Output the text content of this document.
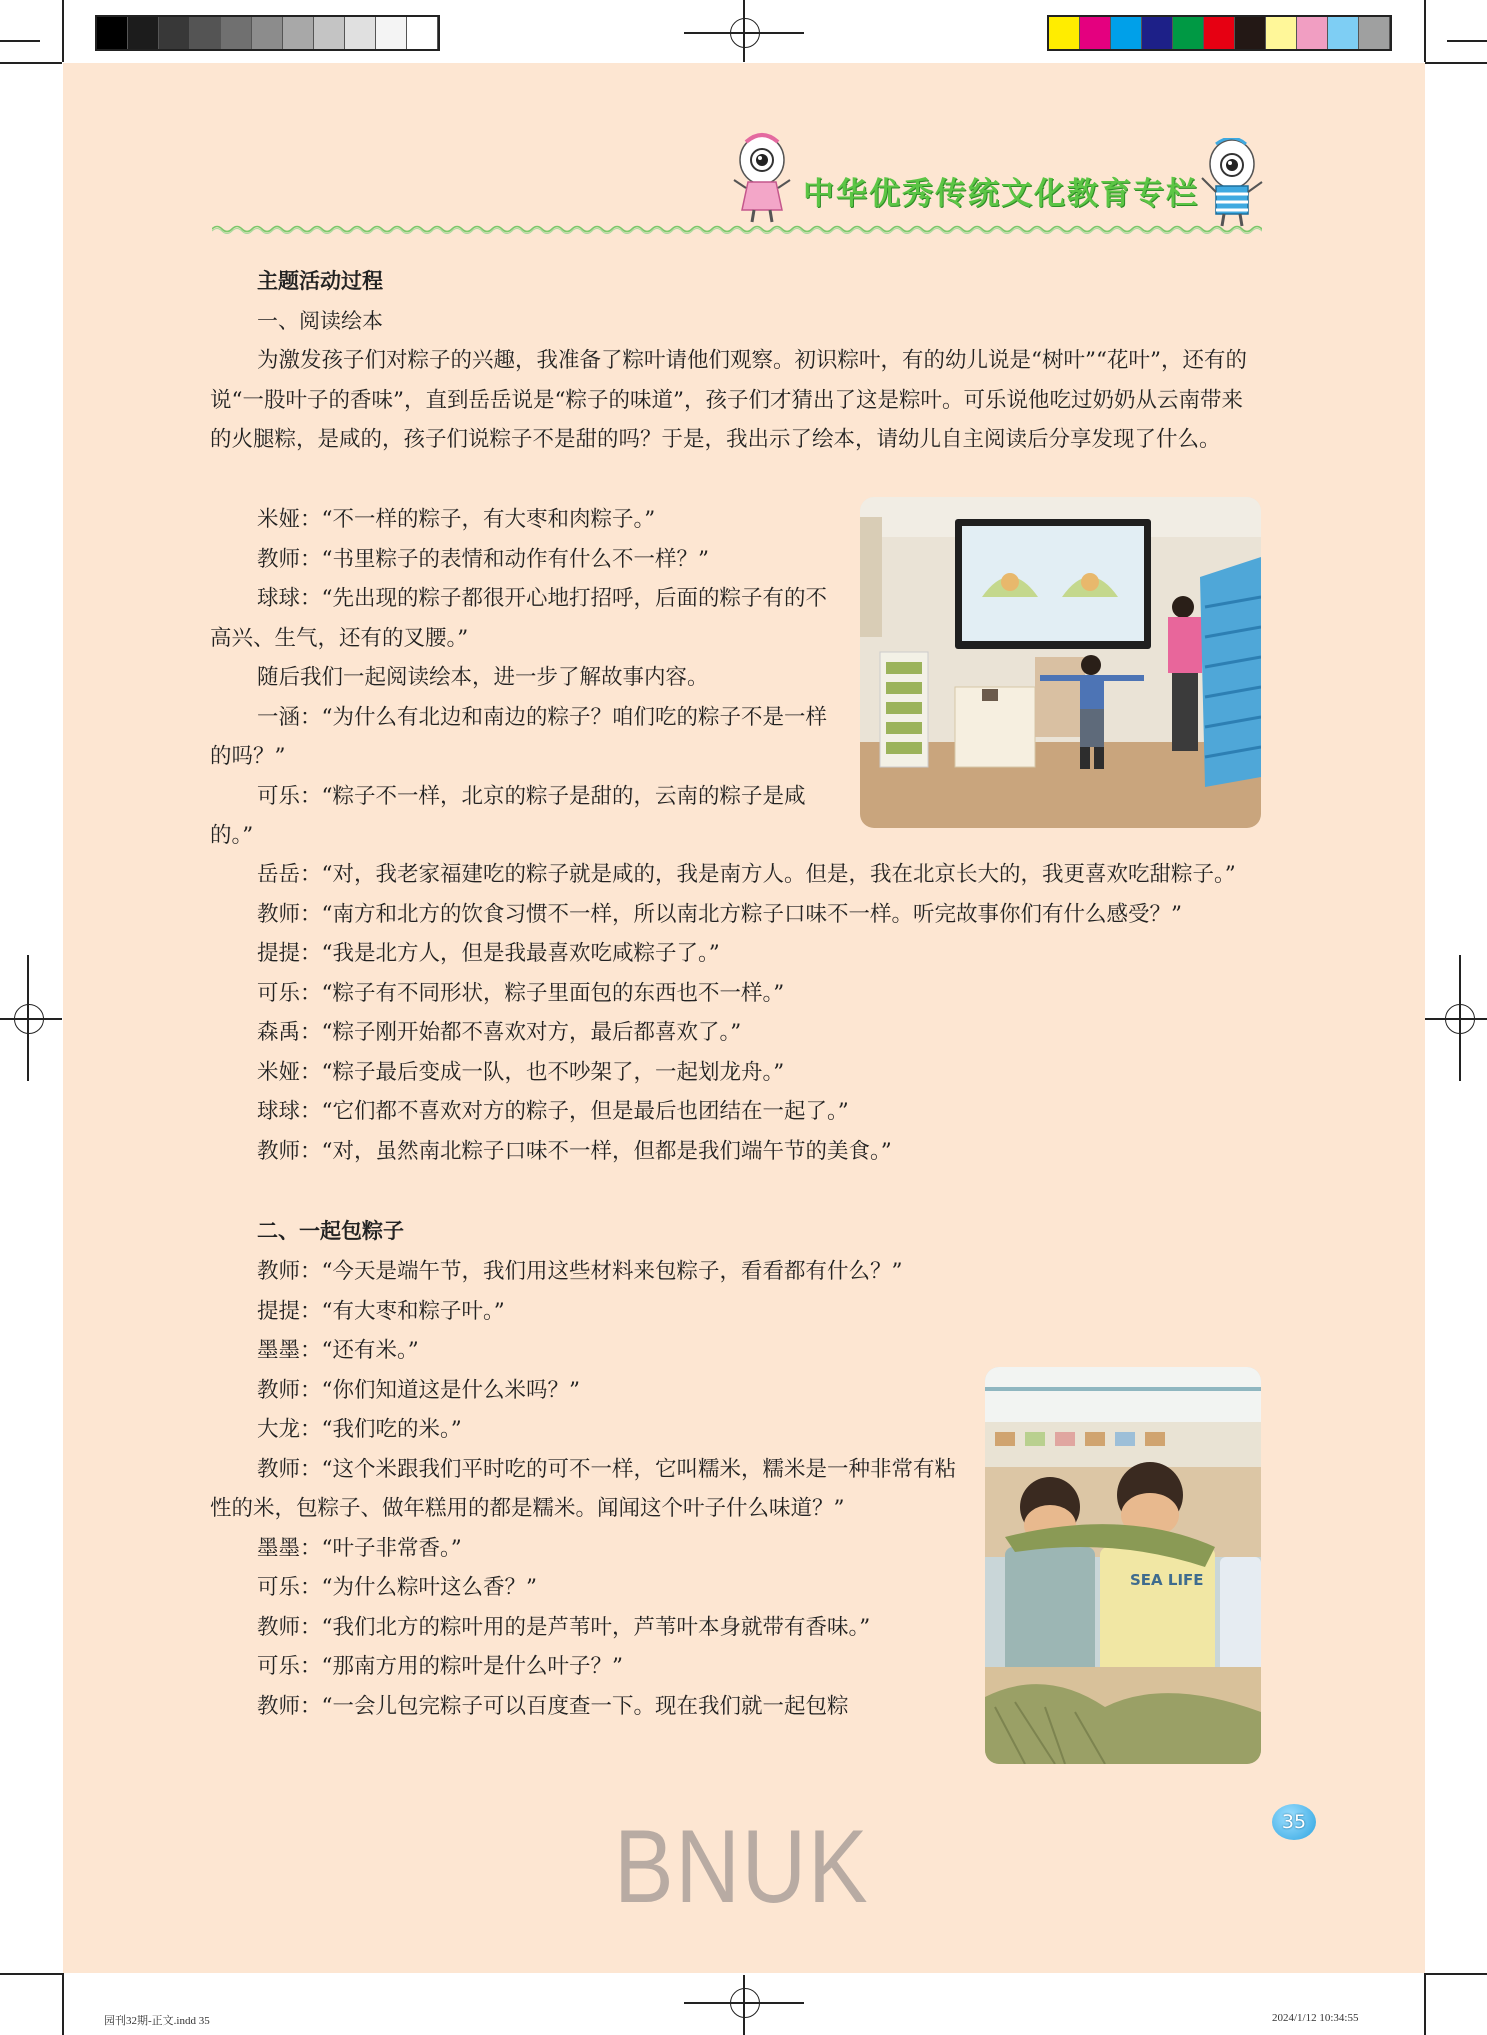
中华优秀传统文化教育专栏

主题活动过程

一、阅读绘本

为激发孩子们对粽子的兴趣，我准备了粽叶请他们观察。初识粽叶，有的幼儿说是“树叶”“花叶”，还有的说“一股叶子的香味”，直到岳岳说是“粽子的味道”，孩子们才猜出了这是粽叶。可乐说他吃过奶奶从云南带来的火腿粽，是咸的，孩子们说粽子不是甜的吗？于是，我出示了绘本，请幼儿自主阅读后分享发现了什么。

米娅：“不一样的粽子，有大枣和肉粽子。”

教师：“书里粽子的表情和动作有什么不一样？”

球球：“先出现的粽子都很开心地打招呼，后面的粽子有的不高兴、生气，还有的叉腰。”

随后我们一起阅读绘本，进一步了解故事内容。

一涵：“为什么有北边和南边的粽子？咱们吃的粽子不是一样的吗？”

可乐：“粽子不一样，北京的粽子是甜的，云南的粽子是咸的。”

岳岳：“对，我老家福建吃的粽子就是咸的，我是南方人。但是，我在北京长大的，我更喜欢吃甜粽子。”

教师：“南方和北方的饮食习惯不一样，所以南北方粽子口味不一样。听完故事你们有什么感受？”

提提：“我是北方人，但是我最喜欢吃咸粽子了。”

可乐：“粽子有不同形状，粽子里面包的东西也不一样。”

森禹：“粽子刚开始都不喜欢对方，最后都喜欢了。”

米娅：“粽子最后变成一队，也不吵架了，一起划龙舟。”

球球：“它们都不喜欢对方的粽子，但是最后也团结在一起了。”

教师：“对，虽然南北粽子口味不一样，但都是我们端午节的美食。”

二、一起包粽子

教师：“今天是端午节，我们用这些材料来包粽子，看看都有什么？”

提提：“有大枣和粽子叶。”

墨墨：“还有米。”

教师：“你们知道这是什么米吗？”

大龙：“我们吃的米。”

教师：“这个米跟我们平时吃的可不一样，它叫糯米，糯米是一种非常有粘性的米，包粽子、做年糕用的都是糯米。闻闻这个叶子什么味道？”

墨墨：“叶子非常香。”

可乐：“为什么粽叶这么香？”

教师：“我们北方的粽叶用的是芦苇叶，芦苇叶本身就带有香味。”

可乐：“那南方用的粽叶是什么叶子？”

教师：“一会儿包完粽子可以百度查一下。现在我们就一起包粽

SEA LIFE
35
BNUK
园刊32期-正文.indd 35	2024/1/12 10:34:55
